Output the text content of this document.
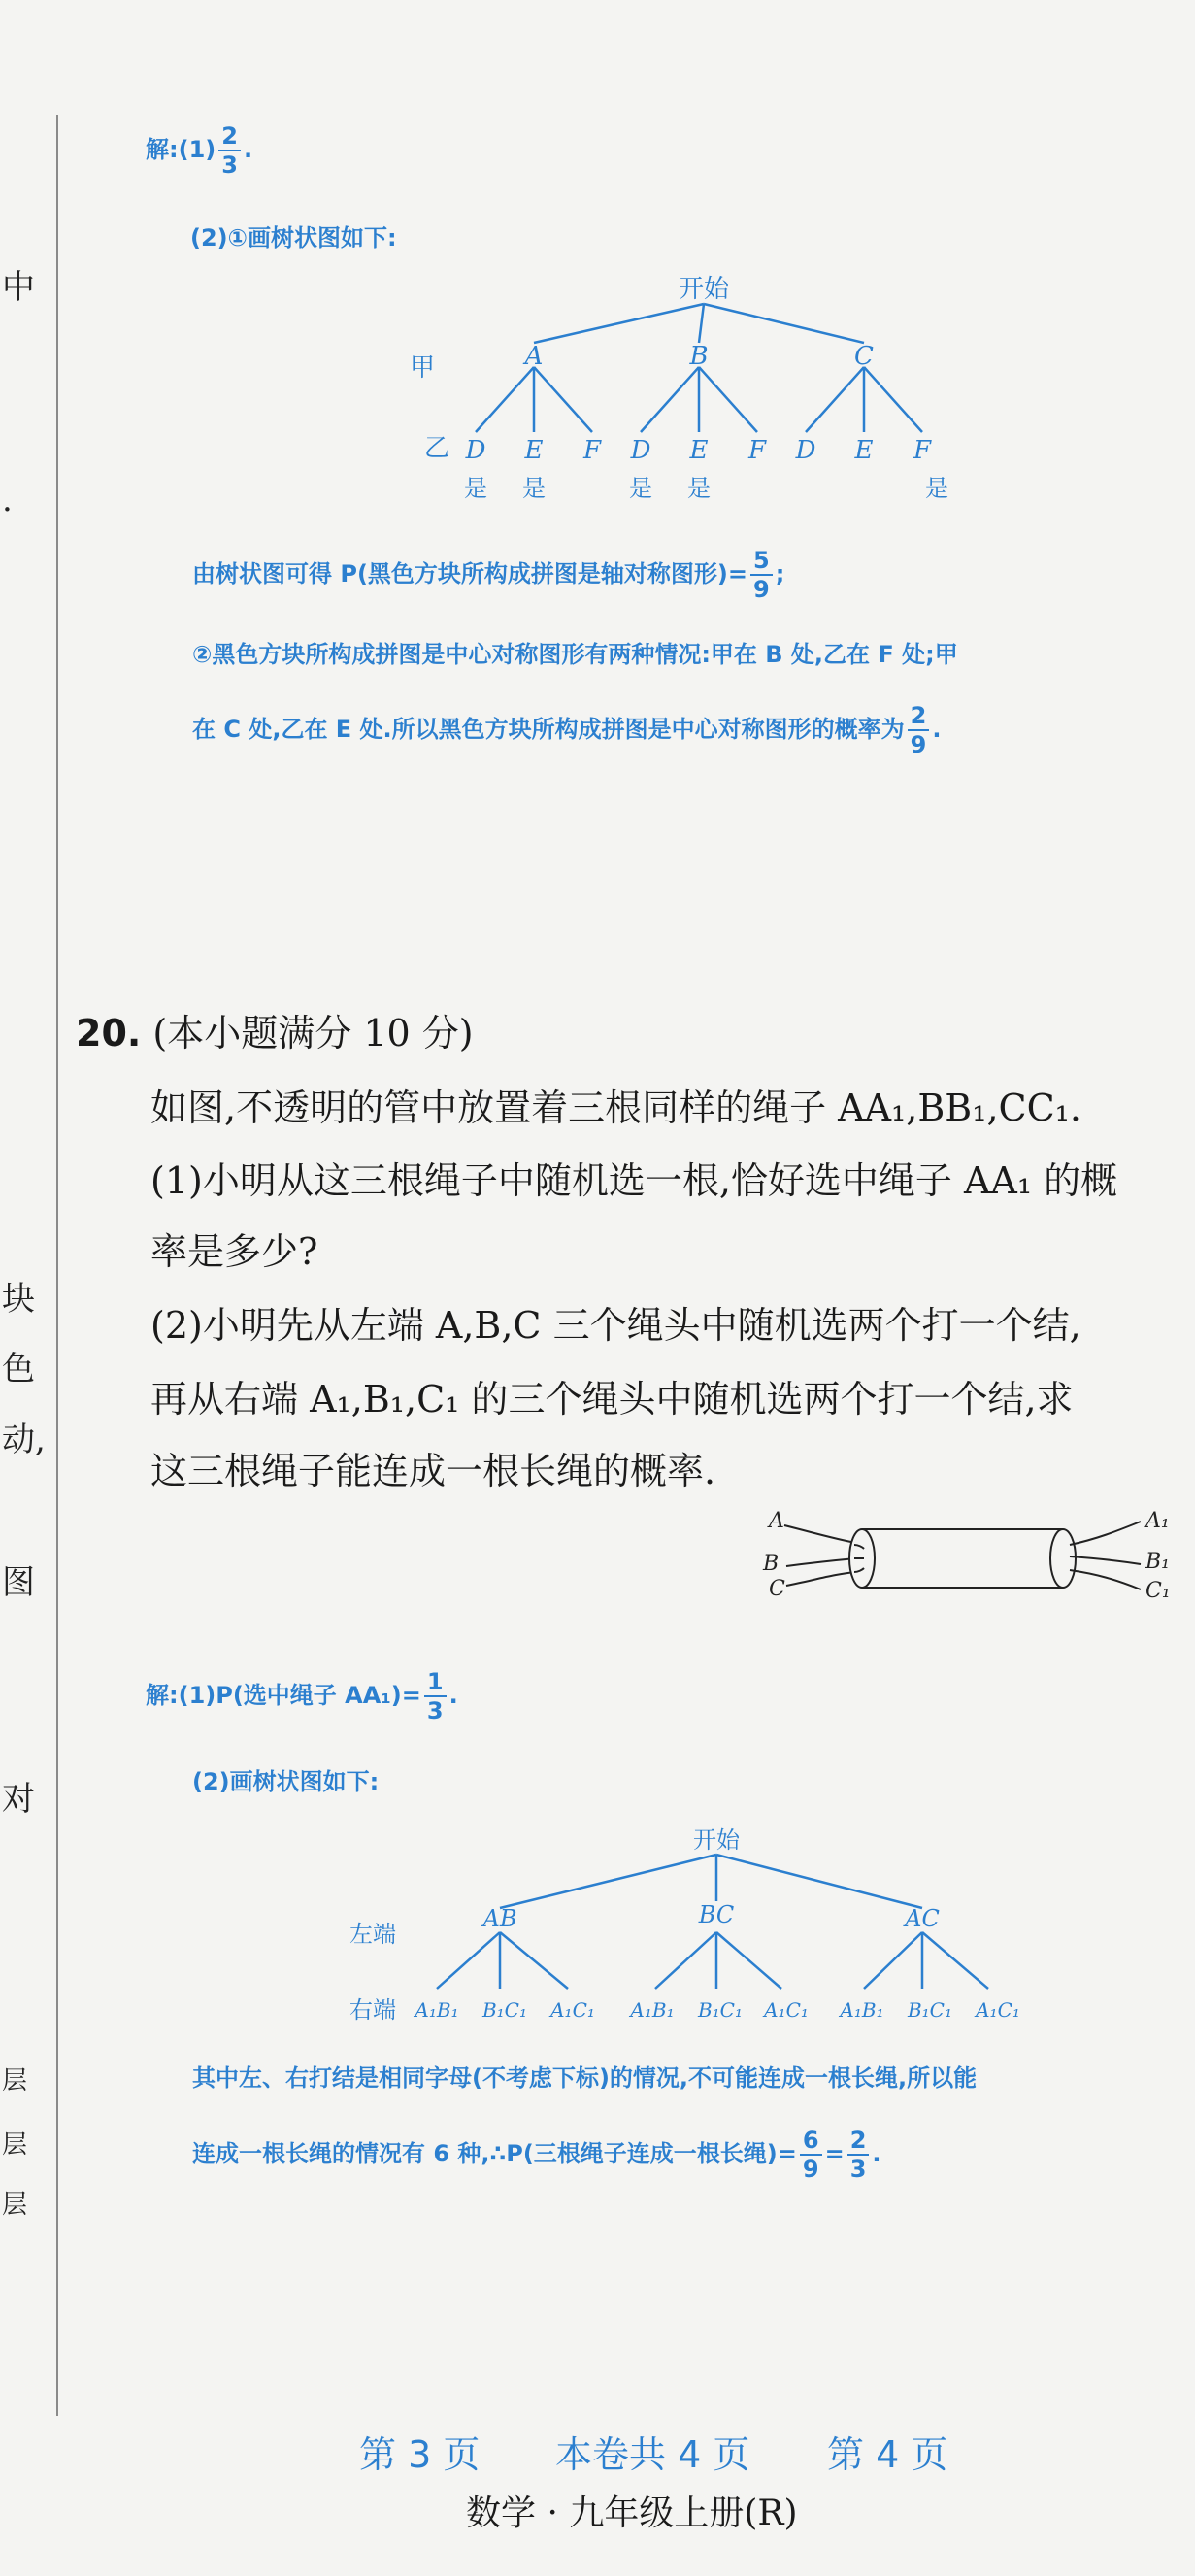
中
.
块
色
动,
图
对
层
层
层
解:(1) $\frac{2}{3}$ .
(2)①画树状图如下:
开始
甲
乙
A	B	C
D E F D E F D E F
是 是	是 是	是
由树状图可得 P(黑色方块所构成拼图是轴对称图形)= $\frac{5}{9}$ ;
②黑色方块所构成拼图是中心对称图形有两种情况:甲在 B 处,乙在 F 处;甲
在 C 处,乙在 E 处.所以黑色方块所构成拼图是中心对称图形的概率为 $\frac{2}{9}$ .
20. (本小题满分 10 分)
如图,不透明的管中放置着三根同样的绳子 AA₁,BB₁,CC₁.
(1)小明从这三根绳子中随机选一根,恰好选中绳子 AA₁ 的概
率是多少?
(2)小明先从左端 A,B,C 三个绳头中随机选两个打一个结,
再从右端 A₁,B₁,C₁ 的三个绳头中随机选两个打一个结,求
这三根绳子能连成一根长绳的概率.
A
B
C
A₁
B₁
C₁
解:(1)P(选中绳子 $AA_1)= \frac{1}{3}$ .
(2)画树状图如下:
开始
左端
右端
AB	BC	AC
A₁B₁ B₁C₁ A₁C₁ A₁B₁ B₁C₁ A₁C₁ A₁B₁ B₁C₁ A₁C₁
其中左、右打结是相同字母(不考虑下标)的情况,不可能连成一根长绳,所以能
连成一根长绳的情况有 6 种,∴P(三根绳子连成一根长绳)= $\frac{6}{9} = \frac{2}{3}$ .
第 3 页 本卷共 4 页 第 4 页
数学 · 九年级上册(R)
